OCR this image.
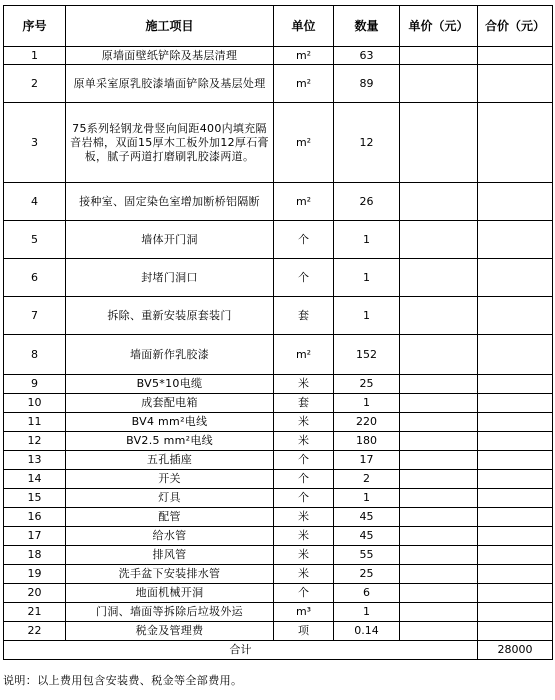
序号	施工项目	单位	数量	单价（元）	合价（元）
1	原墙面壁纸铲除及基层清理	m²	63		
2	原单采室原乳胶漆墙面铲除及基层处理	m²	89		
3	75系列轻钢龙骨竖向间距400内填充隔音岩棉，双面15厚木工板外加12厚石膏板，腻子两道打磨刷乳胶漆两道。	m²	12		
4	接种室、固定染色室增加断桥铝隔断	m²	26		
5	墙体开门洞	个	1		
6	封堵门洞口	个	1		
7	拆除、重新安装原套装门	套	1		
8	墙面新作乳胶漆	m²	152		
9	BV5*10电缆	米	25		
10	成套配电箱	套	1		
11	BV4 mm²电线	米	220		
12	BV2.5 mm²电线	米	180		
13	五孔插座	个	17		
14	开关	个	2		
15	灯具	个	1		
16	配管	米	45		
17	给水管	米	45		
18	排风管	米	55		
19	洗手盆下安装排水管	米	25		
20	地面机械开洞	个	6		
21	门洞、墙面等拆除后垃圾外运	m³	1		
22	税金及管理费	项	0.14		
合计					28000
说明：以上费用包含安装费、税金等全部费用。
